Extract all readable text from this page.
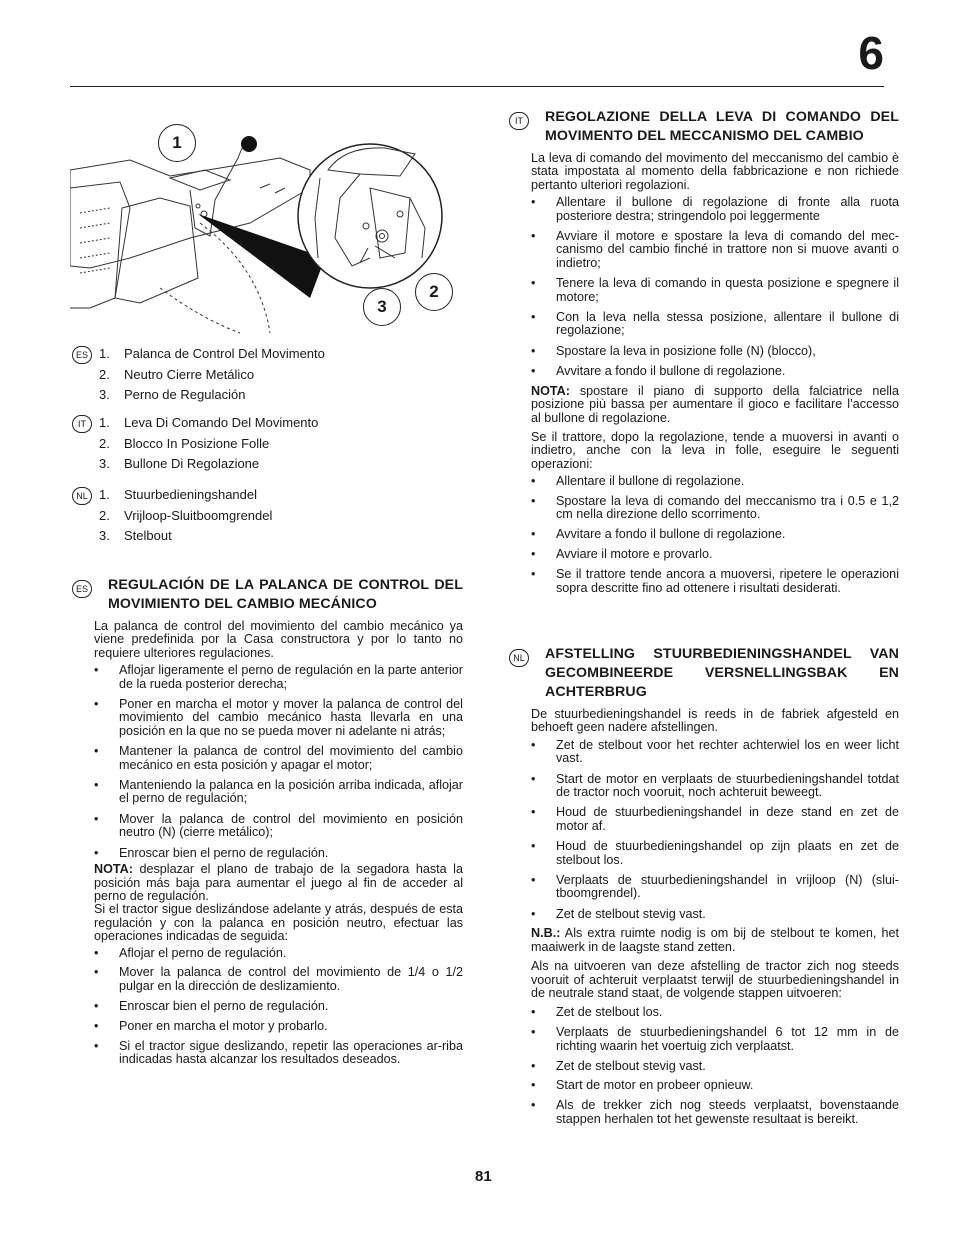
6
1
2
3
ES 1. Palanca de Control Del Movimento
2. Neutro Cierre Metálico
3. Perno de Regulación
IT	1. Leva Di Comando Del Movimento
2. Blocco In Posizione Folle
3. Bullone Di Regolazione
NL 1. Stuurbedieningshandel
2. Vrijloop-Sluitboomgrendel
3. Stelbout
ES REGULACIÓN DE LA PALANCA DE CONTROL DEL MOVIMIENTO DEL CAMBIO MECÁNICO

La palanca de control del movimiento del cambio mecánico ya viene predefinida por la Casa constructora y por lo tanto no requiere ulteriores regulaciones.

• Aflojar ligeramente el perno de regulación en la parte anterior de la rueda posterior derecha;
• Poner en marcha el motor y mover la palanca de control del movimiento del cambio mecánico hasta llevarla en una posición en la que no se pueda mover ni adelante ni atrás;
• Mantener la palanca de control del movimiento del cambio mecánico en esta posición y apagar el motor;
• Manteniendo la palanca en la posición arriba indicada, aflojar el perno de regulación;
• Mover la palanca de control del movimiento en posición neutro (N) (cierre metálico);
• Enroscar bien el perno de regulación.

NOTA: desplazar el plano de trabajo de la segadora hasta la posición más baja para aumentar el juego al fin de acceder al perno de regulación.

Si el tractor sigue deslizándose adelante y atrás, después de esta regulación y con la palanca en posición neutro, efectuar las operaciones indicadas de seguida:

• Aflojar el perno de regulación.
• Mover la palanca de control del movimiento de 1/4 o 1/2 pulgar en la dirección de deslizamiento.
• Enroscar bien el perno de regulación.
• Poner en marcha el motor y probarlo.
• Si el tractor sigue deslizando, repetir las operaciones ar-riba indicadas hasta alcanzar los resultados deseados.
IT	REGOLAZIONE DELLA LEVA DI COMANDO DEL MOVIMENTO DEL MECCANISMO DEL CAMBIO

La leva di comando del movimento del meccanismo del cambio è stata impostata al momento della fabbricazione e non richiede pertanto ulteriori regolazioni.

• Allentare il bullone di regolazione di fronte alla ruota posteriore destra; stringendolo poi leggermente
• Avviare il motore e spostare la leva di comando del mec-canismo del cambio finché in trattore non si muove avanti o indietro;
• Tenere la leva di comando in questa posizione e spegnere il motore;
• Con la leva nella stessa posizione, allentare il bullone di regolazione;
• Spostare la leva in posizione folle (N) (blocco),
• Avvitare a fondo il bullone di regolazione.

NOTA: spostare il piano di supporto della falciatrice nella posizione più bassa per aumentare il gioco e facilitare l’accesso al bullone di regolazione.

Se il trattore, dopo la regolazione, tende a muoversi in avanti o indietro, anche con la leva in folle, eseguire le seguenti operazioni:

• Allentare il bullone di regolazione.
• Spostare la leva di comando del meccanismo tra i 0.5 e 1,2 cm nella direzione dello scorrimento.
• Avvitare a fondo il bullone di regolazione.
• Avviare il motore e provarlo.
• Se il trattore tende ancora a muoversi, ripetere le operazioni sopra descritte fino ad ottenere i risultati desiderati.
NL AFSTELLING STUURBEDIENINGSHANDEL VAN GECOMBINEERDE VERSNELLINGSBAK EN ACHTERBRUG

De stuurbedieningshandel is reeds in de fabriek afgesteld en behoeft geen nadere afstellingen.

• Zet de stelbout voor het rechter achterwiel los en weer licht vast.
• Start de motor en verplaats de stuurbedieningshandel totdat de tractor noch vooruit, noch achteruit beweegt.
• Houd de stuurbedieningshandel in deze stand en zet de motor af.
• Houd de stuurbedieningshandel op zijn plaats en zet de stelbout los.
• Verplaats de stuurbedieningshandel in vrijloop (N) (slui-tboomgrendel).
• Zet de stelbout stevig vast.

N.B.: Als extra ruimte nodig is om bij de stelbout te komen, het maaiwerk in de laagste stand zetten.

Als na uitvoeren van deze afstelling de tractor zich nog steeds vooruit of achteruit verplaatst terwijl de stuurbedieningshandel in de neutrale stand staat, de volgende stappen uitvoeren:

• Zet de stelbout los.
• Verplaats de stuurbedieningshandel 6 tot 12 mm in de richting waarin het voertuig zich verplaatst.
• Zet de stelbout stevig vast.
• Start de motor en probeer opnieuw.
• Als de trekker zich nog steeds verplaatst, bovenstaande stappen herhalen tot het gewenste resultaat is bereikt.
81
